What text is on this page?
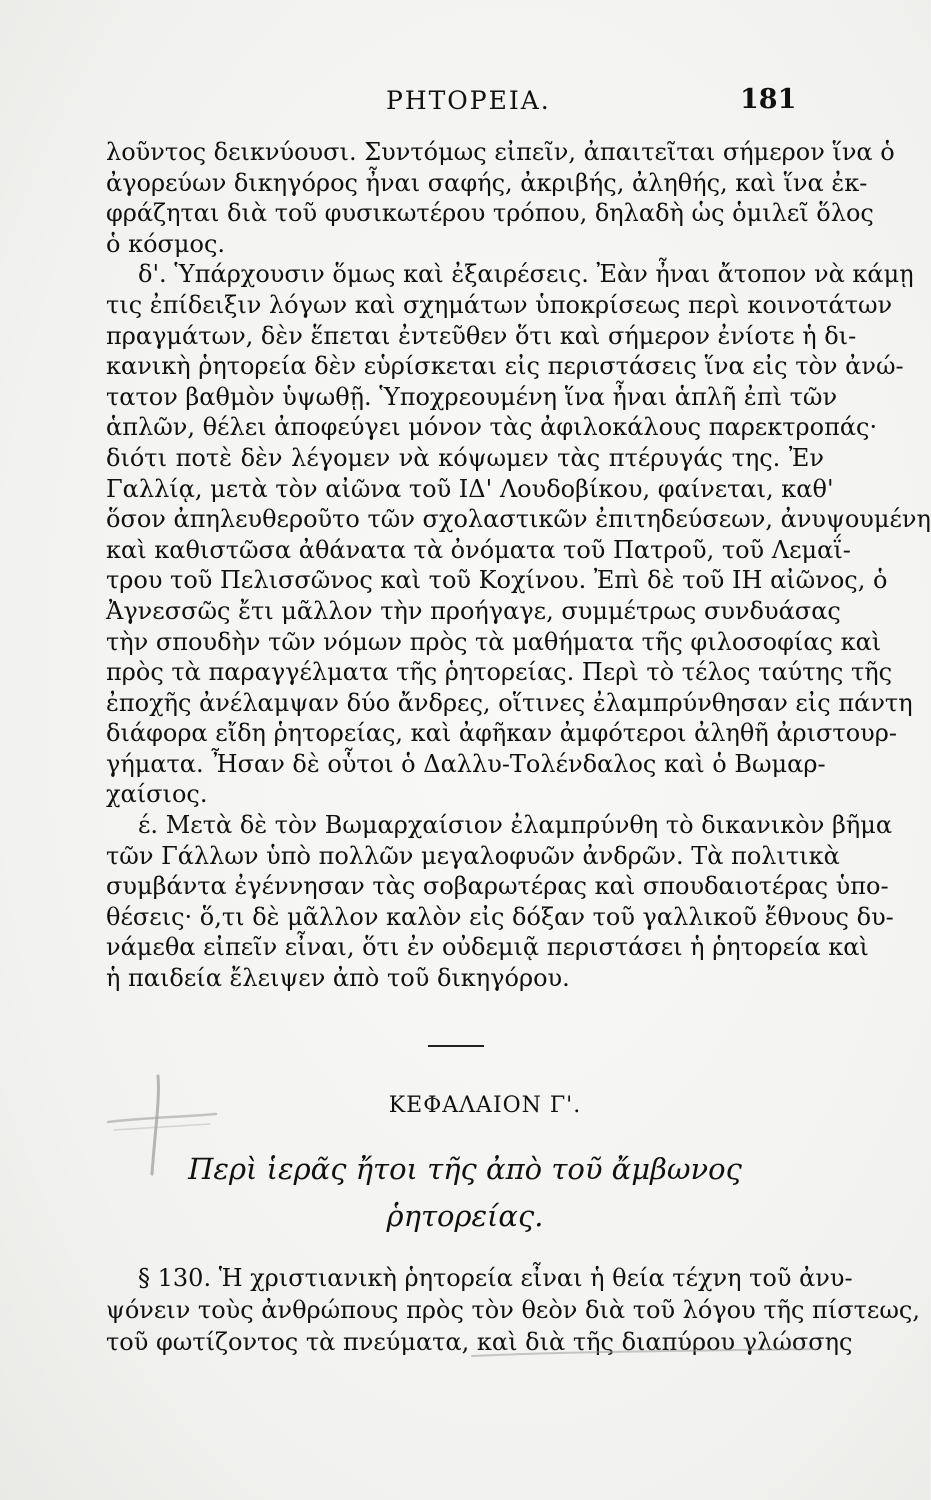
ΡΗΤΟΡΕΙΑ.	181
λοῦντος δεικνύουσι. Συντόμως εἰπεῖν, ἀπαιτεῖται σήμερον ἵνα ὁ
ἀγορεύων δικηγόρος ἦναι σαφής, ἀκριβής, ἀληθής, καὶ ἵνα ἐκ-
φράζηται διὰ τοῦ φυσικωτέρου τρόπου, δηλαδὴ ὡς ὁμιλεῖ ὅλος
ὁ κόσμος.
δ'. Ὑπάρχουσιν ὅμως καὶ ἐξαιρέσεις. Ἐὰν ἦναι ἄτοπον νὰ κάμῃ
τις ἐπίδειξιν λόγων καὶ σχημάτων ὑποκρίσεως περὶ κοινοτάτων
πραγμάτων, δὲν ἕπεται ἐντεῦθεν ὅτι καὶ σήμερον ἐνίοτε ἡ δι-
κανικὴ ῥητορεία δὲν εὑρίσκεται εἰς περιστάσεις ἵνα εἰς τὸν ἀνώ-
τατον βαθμὸν ὑψωθῇ. Ὑποχρεουμένη ἵνα ἦναι ἁπλῆ ἐπὶ τῶν
ἁπλῶν, θέλει ἀποφεύγει μόνον τὰς ἀφιλοκάλους παρεκτροπάς·
διότι ποτὲ δὲν λέγομεν νὰ κόψωμεν τὰς πτέρυγάς της. Ἐν
Γαλλίᾳ, μετὰ τὸν αἰῶνα τοῦ ΙΔ' Λουδοβίκου, φαίνεται, καθ'
ὅσον ἀπηλευθεροῦτο τῶν σχολαστικῶν ἐπιτηδεύσεων, ἀνυψουμένη
καὶ καθιστῶσα ἀθάνατα τὰ ὀνόματα τοῦ Πατροῦ, τοῦ Λεμαΐ-
τρου τοῦ Πελισσῶνος καὶ τοῦ Κοχίνου. Ἐπὶ δὲ τοῦ ΙΗ αἰῶνος, ὁ
Ἀγνεσσῶς ἔτι μᾶλλον τὴν προήγαγε, συμμέτρως συνδυάσας
τὴν σπουδὴν τῶν νόμων πρὸς τὰ μαθήματα τῆς φιλοσοφίας καὶ
πρὸς τὰ παραγγέλματα τῆς ῥητορείας. Περὶ τὸ τέλος ταύτης τῆς
ἐποχῆς ἀνέλαμψαν δύο ἄνδρες, οἵτινες ἐλαμπρύνθησαν εἰς πάντη
διάφορα εἴδη ῥητορείας, καὶ ἀφῆκαν ἀμφότεροι ἀληθῆ ἀριστουρ-
γήματα. Ἦσαν δὲ οὗτοι ὁ Δαλλυ-Τολένδαλος καὶ ὁ Βωμαρ-
χαίσιος.
έ. Μετὰ δὲ τὸν Βωμαρχαίσιον ἐλαμπρύνθη τὸ δικανικὸν βῆμα
τῶν Γάλλων ὑπὸ πολλῶν μεγαλοφυῶν ἀνδρῶν. Τὰ πολιτικὰ
συμβάντα ἐγέννησαν τὰς σοβαρωτέρας καὶ σπουδαιοτέρας ὑπο-
θέσεις· ὅ,τι δὲ μᾶλλον καλὸν εἰς δόξαν τοῦ γαλλικοῦ ἔθνους δυ-
νάμεθα εἰπεῖν εἶναι, ὅτι ἐν οὐδεμιᾷ περιστάσει ἡ ῥητορεία καὶ
ἡ παιδεία ἔλειψεν ἀπὸ τοῦ δικηγόρου.
ΚΕΦΑΛΑΙΟΝ Γ'.
Περὶ ἱερᾶς ἤτοι τῆς ἀπὸ τοῦ ἄμβωνος
ῥητορείας.
§ 130. Ἡ χριστιανικὴ ῥητορεία εἶναι ἡ θεία τέχνη τοῦ ἀνυ-
ψόνειν τοὺς ἀνθρώπους πρὸς τὸν θεὸν διὰ τοῦ λόγου τῆς πίστεως,
τοῦ φωτίζοντος τὰ πνεύματα, καὶ διὰ τῆς διαπύρου γλώσσης
